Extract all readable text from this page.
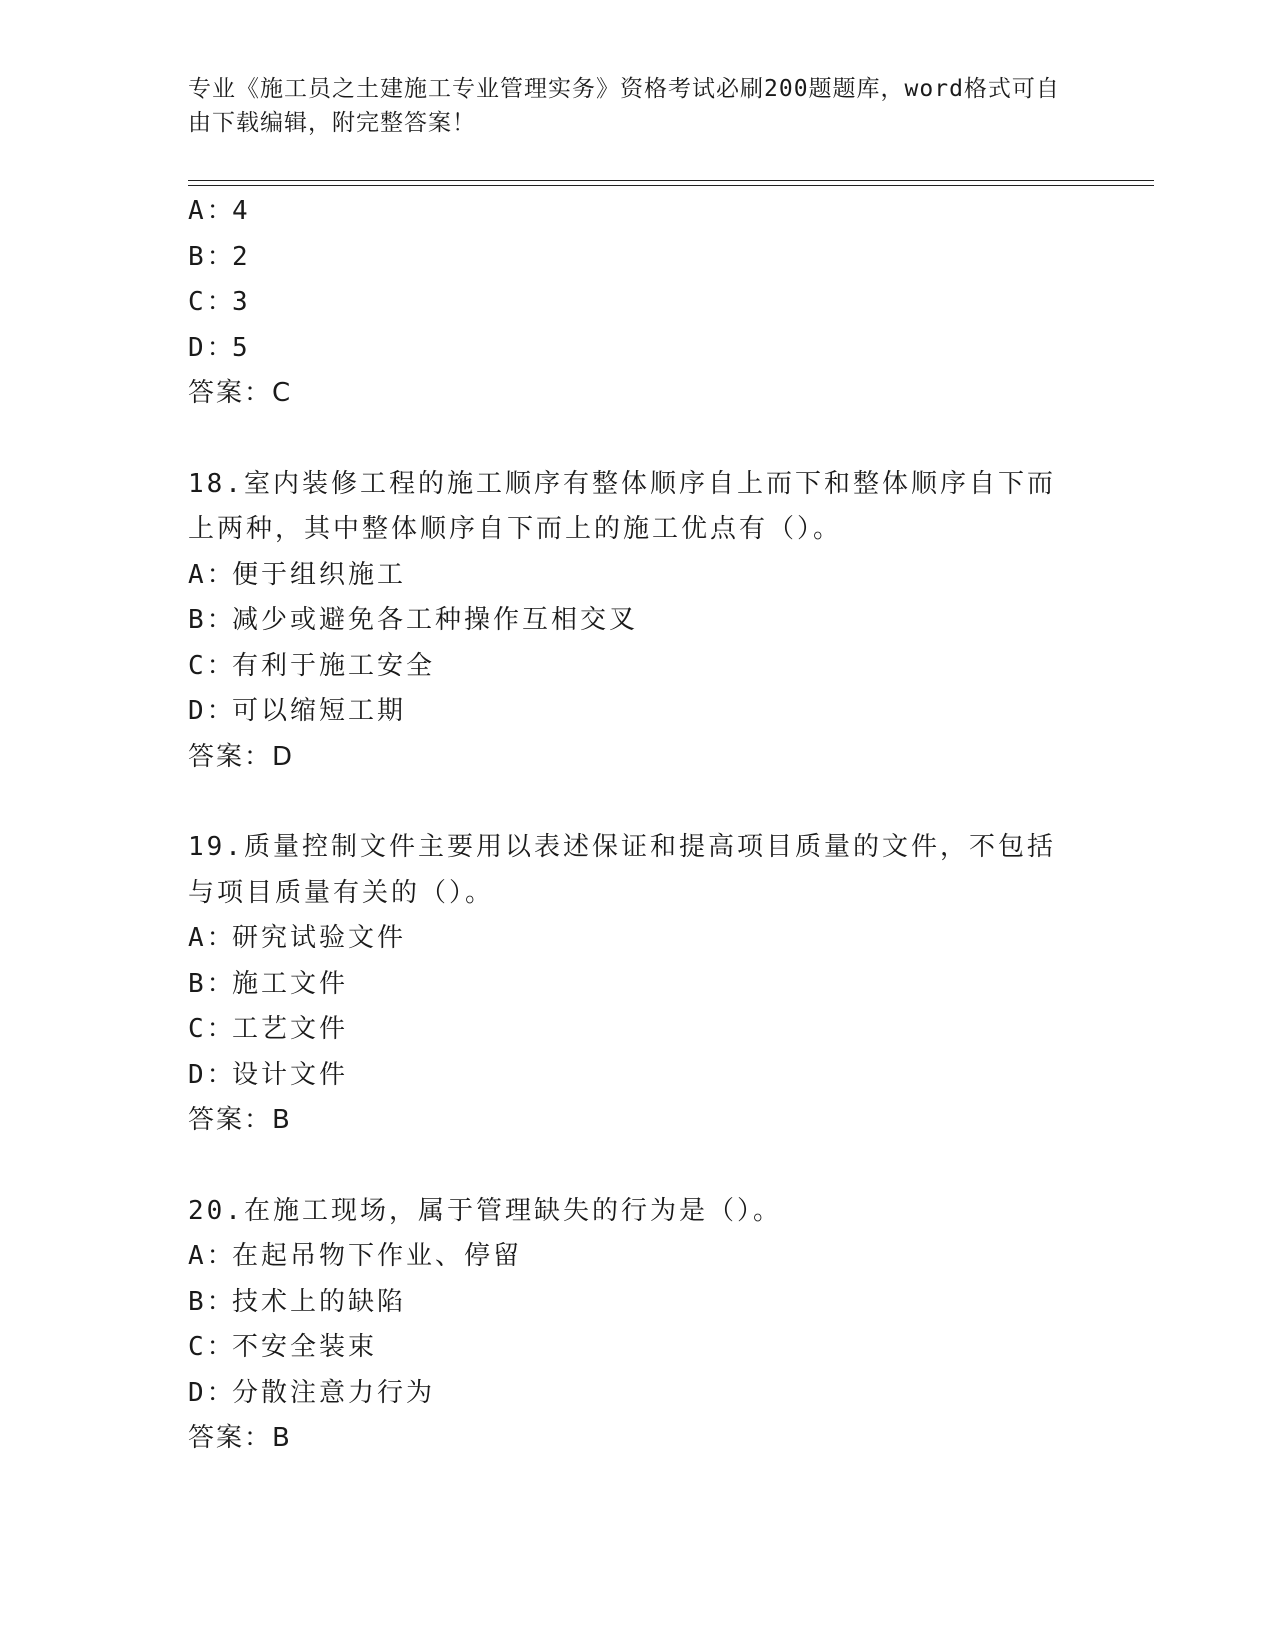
专业《施工员之土建施工专业管理实务》资格考试必刷200题题库，word格式可自由下载编辑，附完整答案！
A：4
B：2
C：3
D：5
答案：C
18.室内装修工程的施工顺序有整体顺序自上而下和整体顺序自下而上两种，其中整体顺序自下而上的施工优点有（）。
A：便于组织施工
B：减少或避免各工种操作互相交叉
C：有利于施工安全
D：可以缩短工期
答案：D
19.质量控制文件主要用以表述保证和提高项目质量的文件，不包括与项目质量有关的（）。
A：研究试验文件
B：施工文件
C：工艺文件
D：设计文件
答案：B
20.在施工现场，属于管理缺失的行为是（）。
A：在起吊物下作业、停留
B：技术上的缺陷
C：不安全装束
D：分散注意力行为
答案：B
